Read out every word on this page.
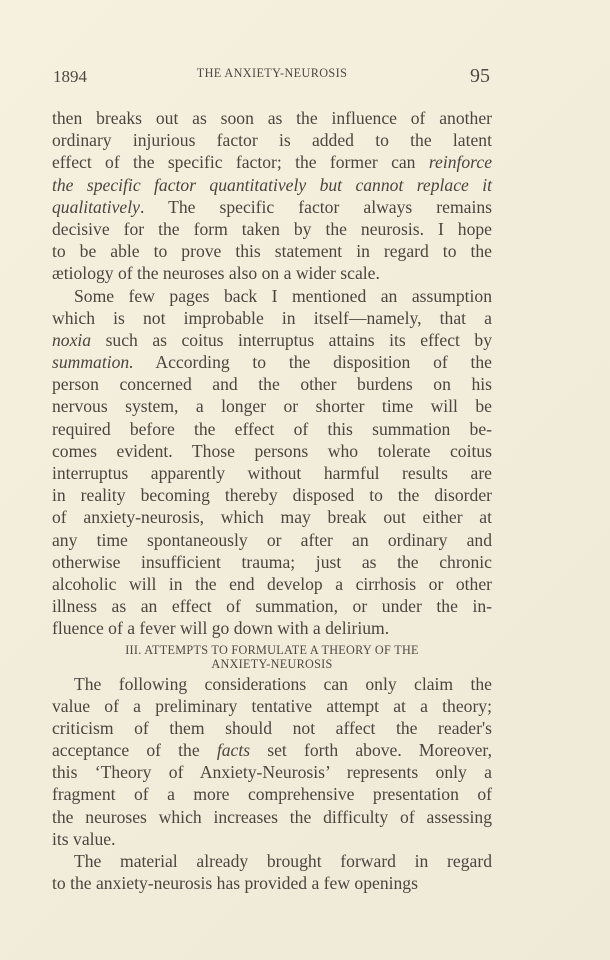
1894	THE ANXIETY-NEUROSIS	95
then breaks out as soon as the influence of another
ordinary injurious factor is added to the latent
effect of the specific factor; the former can reinforce
the specific factor quantitatively but cannot replace it
qualitatively. The specific factor always remains
decisive for the form taken by the neurosis. I hope
to be able to prove this statement in regard to the
ætiology of the neuroses also on a wider scale.
Some few pages back I mentioned an assumption
which is not improbable in itself—namely, that a
noxia such as coitus interruptus attains its effect by
summation. According to the disposition of the
person concerned and the other burdens on his
nervous system, a longer or shorter time will be
required before the effect of this summation be-
comes evident. Those persons who tolerate coitus
interruptus apparently without harmful results are
in reality becoming thereby disposed to the disorder
of anxiety-neurosis, which may break out either at
any time spontaneously or after an ordinary and
otherwise insufficient trauma; just as the chronic
alcoholic will in the end develop a cirrhosis or other
illness as an effect of summation, or under the in-
fluence of a fever will go down with a delirium.
III. ATTEMPTS TO FORMULATE A THEORY OF THE
ANXIETY-NEUROSIS
The following considerations can only claim the
value of a preliminary tentative attempt at a theory;
criticism of them should not affect the reader's
acceptance of the facts set forth above. Moreover,
this ‘Theory of Anxiety-Neurosis’ represents only a
fragment of a more comprehensive presentation of
the neuroses which increases the difficulty of assessing
its value.
The material already brought forward in regard
to the anxiety-neurosis has provided a few openings
